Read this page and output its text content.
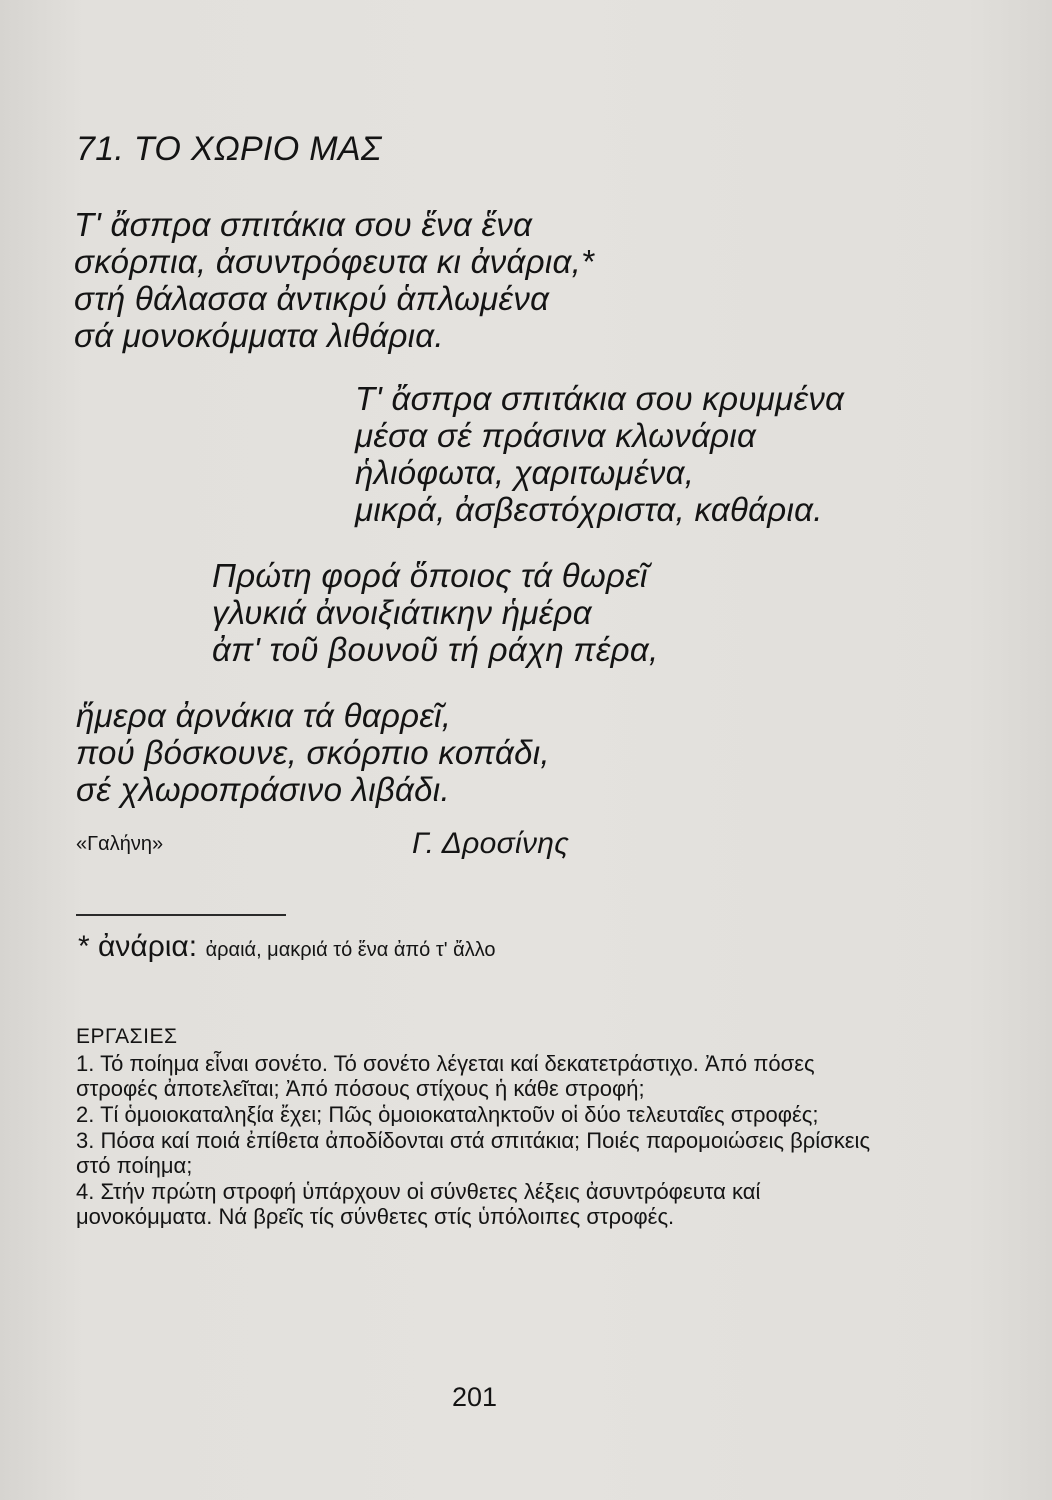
71. ΤΟ ΧΩΡΙΟ ΜΑΣ
Τ' ἄσπρα σπιτάκια σου ἕνα ἕνα
σκόρπια, ἀσυντρόφευτα κι ἀνάρια,*
στή θάλασσα ἀντικρύ ἁπλωμένα
σά μονοκόμματα λιθάρια.
Τ' ἄσπρα σπιτάκια σου κρυμμένα
μέσα σέ πράσινα κλωνάρια
ἡλιόφωτα, χαριτωμένα,
μικρά, ἀσβεστόχριστα, καθάρια.
Πρώτη φορά ὅποιος τά θωρεῖ
γλυκιά ἀνοιξιάτικην ἡμέρα
ἀπ' τοῦ βουνοῦ τή ράχη πέρα,
ἥμερα ἀρνάκια τά θαρρεῖ,
πού βόσκουνε, σκόρπιο κοπάδι,
σέ χλωροπράσινο λιβάδι.
«Γαλήνη»	Γ. Δροσίνης
* ἀνάρια: ἀραιά, μακριά τό ἕνα ἀπό τ' ἄλλο
ΕΡΓΑΣΙΕΣ
1. Τό ποίημα εἶναι σονέτο. Τό σονέτο λέγεται καί δεκατετράστιχο. Ἀπό πόσες στροφές ἀποτελεῖται; Ἀπό πόσους στίχους ἡ κάθε στροφή;
2. Τί ὁμοιοκαταληξία ἔχει; Πῶς ὁμοιοκαταληκτοῦν οἱ δύο τελευταῖες στροφές;
3. Πόσα καί ποιά ἐπίθετα ἀποδίδονται στά σπιτάκια; Ποιές παρομοιώσεις βρίσκεις στό ποίημα;
4. Στήν πρώτη στροφή ὑπάρχουν οἱ σύνθετες λέξεις ἀσυντρόφευτα καί μονοκόμματα. Νά βρεῖς τίς σύνθετες στίς ὑπόλοιπες στροφές.
201
